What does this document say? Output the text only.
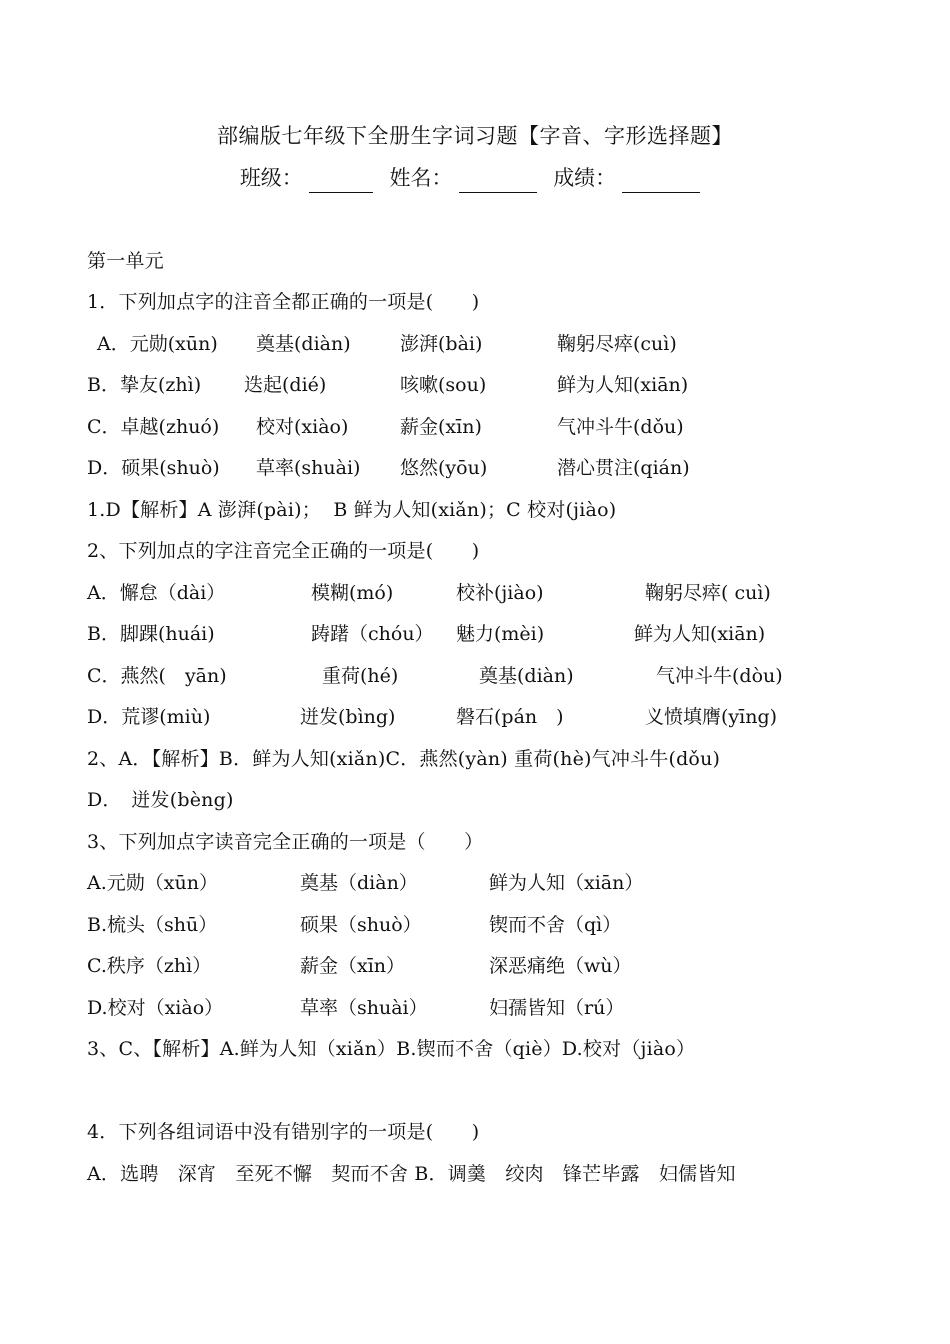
部编版七年级下全册生字词习题【字音、字形选择题】
班级：	姓名：	成绩：
第一单元
1．下列加点字的注音全都正确的一项是(　　)
A．元勋(xūn) 奠基(diàn)	澎湃(bài)	鞠躬尽瘁(cuì)
B．挚友(zhì) 迭起(dié)	咳嗽(sou)	鲜为人知(xiān)
C．卓越(zhuó) 校对(xiào)	薪金(xīn)	气冲斗牛(dǒu)
D．硕果(shuò) 草率(shuài) 悠然(yōu)	潜心贯注(qián)
1.D【解析】A 澎湃(pài)；  B 鲜为人知(xiǎn)；C 校对(jiào)
2、下列加点的字注音完全正确的一项是(　　)
A．懈怠（dài）	模糊(mó)	校补(jiào)	鞠躬尽瘁( cuì)
B．脚踝(huái)	踌躇（chóu） 魅力(mèi)	鲜为人知(xiān)
C．燕然(　yān)	重荷(hé)	奠基(diàn)	气冲斗牛(dòu)
D．荒谬(miù)	迸发(bìng)	磐石(pán　)	义愤填膺(yīng)
2、A．【解析】B．鲜为人知(xiǎn)C．燕然(yàn) 重荷(hè)气冲斗牛(dǒu)
D．　迸发(bèng)
3、下列加点字读音完全正确的一项是（　　）
A.元勋（xūn）	奠基（diàn）	鲜为人知（xiān）
B.梳头（shū）	硕果（shuò）	锲而不舍（qì）
C.秩序（zhì）	薪金（xīn）	深恶痛绝（wù）
D.校对（xiào）	草率（shuài）	妇孺皆知（rú）
3、C、【解析】A.鲜为人知（xiǎn）B.锲而不舍（qiè）D.校对（jiào）
4．下列各组词语中没有错别字的一项是(　　)
A．选聘　深宵　至死不懈　契而不舍 B．调羹　绞肉　锋芒毕露　妇儒皆知
